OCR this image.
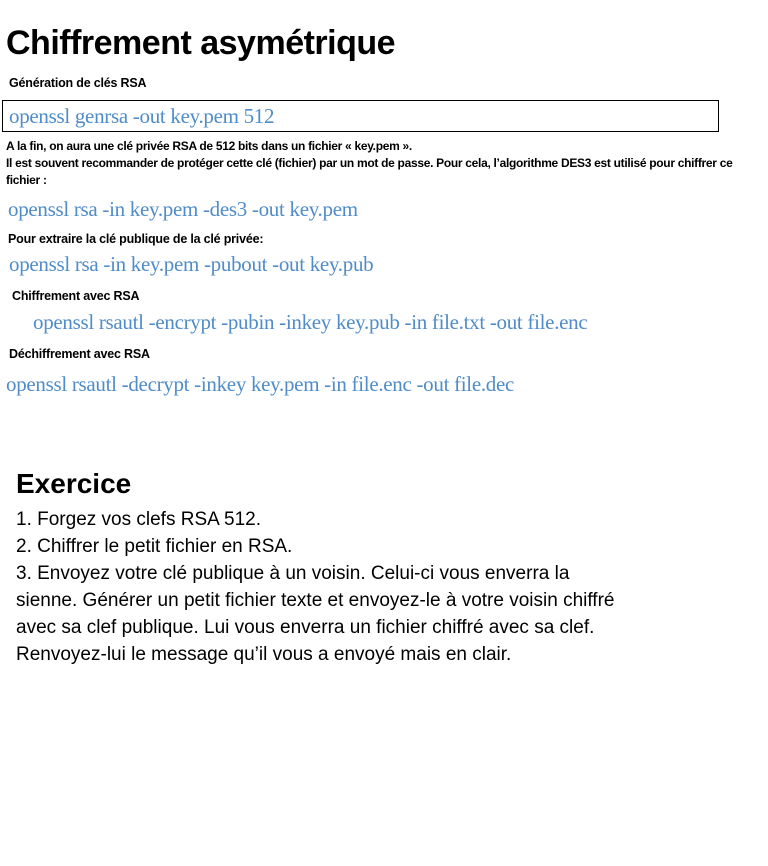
Chiffrement asymétrique
Génération de clés RSA
openssl genrsa -out key.pem 512
A la fin, on aura une clé privée RSA de 512 bits dans un fichier « key.pem ».
Il est souvent recommander de protéger cette clé (fichier) par un mot de passe. Pour cela, l’algorithme DES3 est utilisé pour chiffrer ce fichier :
openssl rsa -in key.pem -des3 -out key.pem
Pour extraire la clé publique de la clé privée:
openssl rsa -in key.pem -pubout -out key.pub
Chiffrement avec RSA
openssl rsautl -encrypt -pubin -inkey key.pub -in file.txt -out file.enc
Déchiffrement avec RSA
openssl rsautl -decrypt -inkey key.pem -in file.enc -out file.dec
Exercice
1. Forgez vos clefs RSA 512.
2. Chiffrer le petit fichier en RSA.
3. Envoyez votre clé publique à un voisin. Celui-ci vous enverra la sienne. Générer un petit fichier texte et envoyez-le à votre voisin chiffré avec sa clef publique. Lui vous enverra un fichier chiffré avec sa clef. Renvoyez-lui le message qu’il vous a envoyé mais en clair.
